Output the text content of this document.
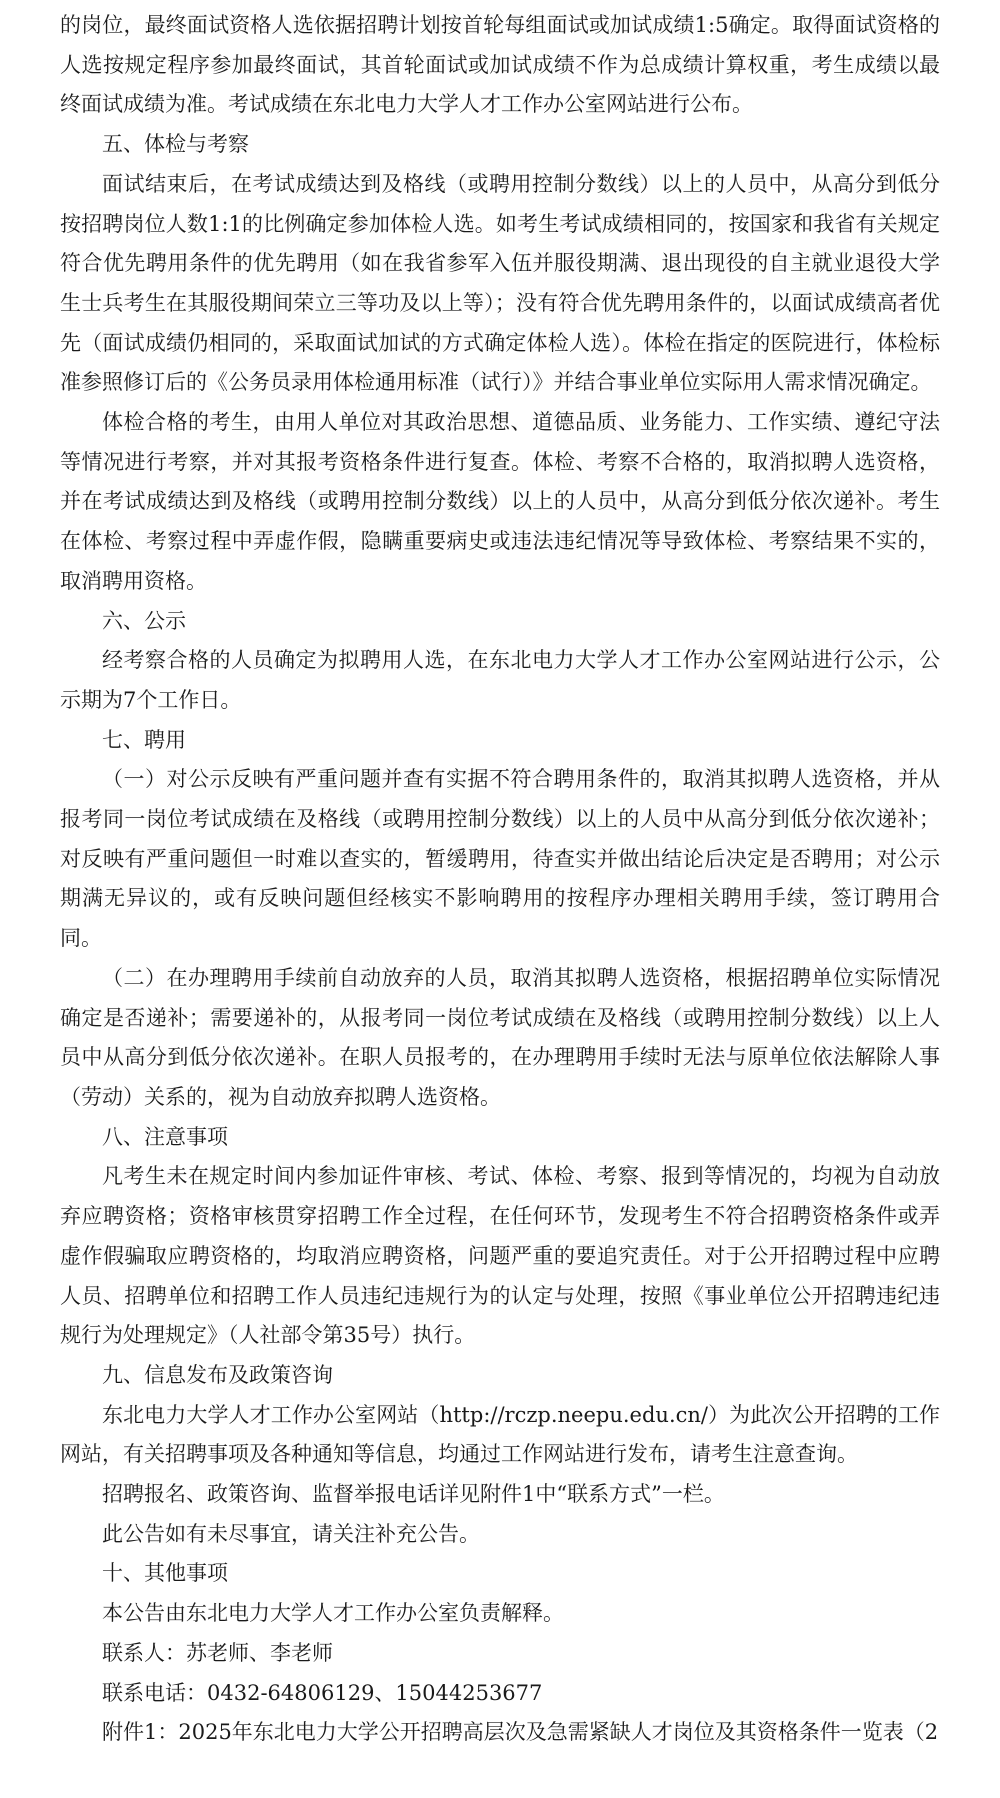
的岗位，最终面试资格人选依据招聘计划按首轮每组面试或加试成绩1:5确定。取得面试资格的人选按规定程序参加最终面试，其首轮面试或加试成绩不作为总成绩计算权重，考生成绩以最终面试成绩为准。考试成绩在东北电力大学人才工作办公室网站进行公布。

五、体检与考察

面试结束后，在考试成绩达到及格线（或聘用控制分数线）以上的人员中，从高分到低分按招聘岗位人数1:1的比例确定参加体检人选。如考生考试成绩相同的，按国家和我省有关规定符合优先聘用条件的优先聘用（如在我省参军入伍并服役期满、退出现役的自主就业退役大学生士兵考生在其服役期间荣立三等功及以上等）；没有符合优先聘用条件的，以面试成绩高者优先（面试成绩仍相同的，采取面试加试的方式确定体检人选）。体检在指定的医院进行，体检标准参照修订后的《公务员录用体检通用标准（试行）》并结合事业单位实际用人需求情况确定。

体检合格的考生，由用人单位对其政治思想、道德品质、业务能力、工作实绩、遵纪守法等情况进行考察，并对其报考资格条件进行复查。体检、考察不合格的，取消拟聘人选资格，并在考试成绩达到及格线（或聘用控制分数线）以上的人员中，从高分到低分依次递补。考生在体检、考察过程中弄虚作假，隐瞒重要病史或违法违纪情况等导致体检、考察结果不实的，取消聘用资格。

六、公示

经考察合格的人员确定为拟聘用人选，在东北电力大学人才工作办公室网站进行公示，公示期为7个工作日。

七、聘用

（一）对公示反映有严重问题并查有实据不符合聘用条件的，取消其拟聘人选资格，并从报考同一岗位考试成绩在及格线（或聘用控制分数线）以上的人员中从高分到低分依次递补；对反映有严重问题但一时难以查实的，暂缓聘用，待查实并做出结论后决定是否聘用；对公示期满无异议的，或有反映问题但经核实不影响聘用的按程序办理相关聘用手续，签订聘用合同。

（二）在办理聘用手续前自动放弃的人员，取消其拟聘人选资格，根据招聘单位实际情况确定是否递补；需要递补的，从报考同一岗位考试成绩在及格线（或聘用控制分数线）以上人员中从高分到低分依次递补。在职人员报考的，在办理聘用手续时无法与原单位依法解除人事（劳动）关系的，视为自动放弃拟聘人选资格。

八、注意事项

凡考生未在规定时间内参加证件审核、考试、体检、考察、报到等情况的，均视为自动放弃应聘资格；资格审核贯穿招聘工作全过程，在任何环节，发现考生不符合招聘资格条件或弄虚作假骗取应聘资格的，均取消应聘资格，问题严重的要追究责任。对于公开招聘过程中应聘人员、招聘单位和招聘工作人员违纪违规行为的认定与处理，按照《事业单位公开招聘违纪违规行为处理规定》（人社部令第35号）执行。

九、信息发布及政策咨询

东北电力大学人才工作办公室网站（http://rczp.neepu.edu.cn/）为此次公开招聘的工作网站，有关招聘事项及各种通知等信息，均通过工作网站进行发布，请考生注意查询。

招聘报名、政策咨询、监督举报电话详见附件1中“联系方式”一栏。

此公告如有未尽事宜，请关注补充公告。

十、其他事项

本公告由东北电力大学人才工作办公室负责解释。

联系人：苏老师、李老师

联系电话：0432-64806129、15044253677

附件1：2025年东北电力大学公开招聘高层次及急需紧缺人才岗位及其资格条件一览表（2
